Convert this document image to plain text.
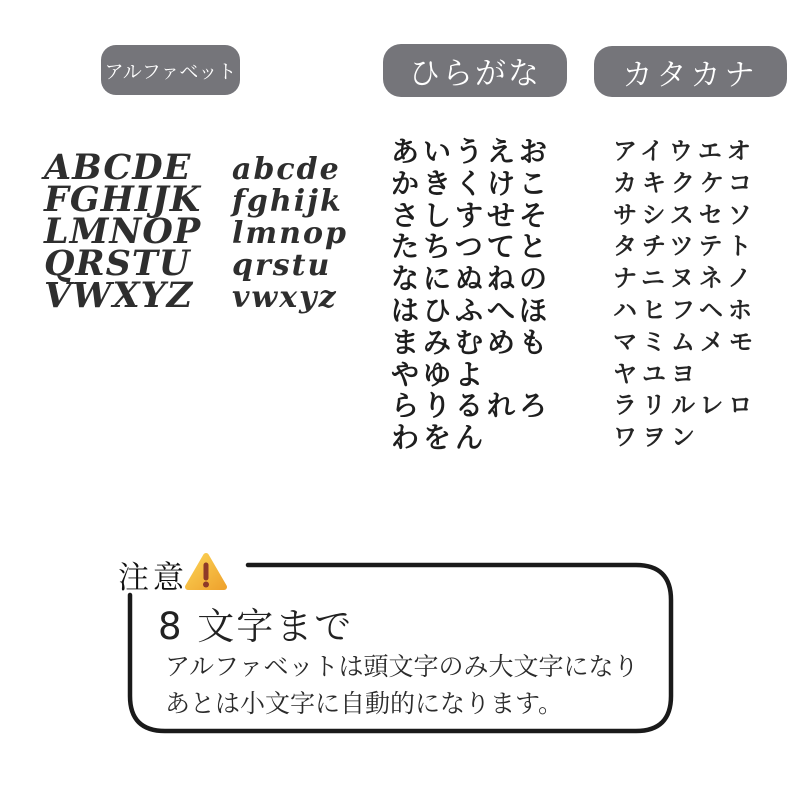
アルファベット	ひらがな	カタカナ
ABCDE
FGHIJK
LMNOP
QRSTU
VWXYZ
abcde
fghijk
lmnop
qrstu
vwxyz
あいうえお
かきくけこ
さしすせそ
たちつてと
なにぬねの
はひふへほ
まみむめも
やゆよ
らりるれろ
わをん
アイウエオ
カキクケコ
サシスセソ
タチツテト
ナニヌネノ
ハヒフヘホ
マミムメモ
ヤユヨ
ラリルレロ
ワヲン
注意
8 文字まで
アルファベットは頭文字のみ大文字になり
あとは小文字に自動的になります。
